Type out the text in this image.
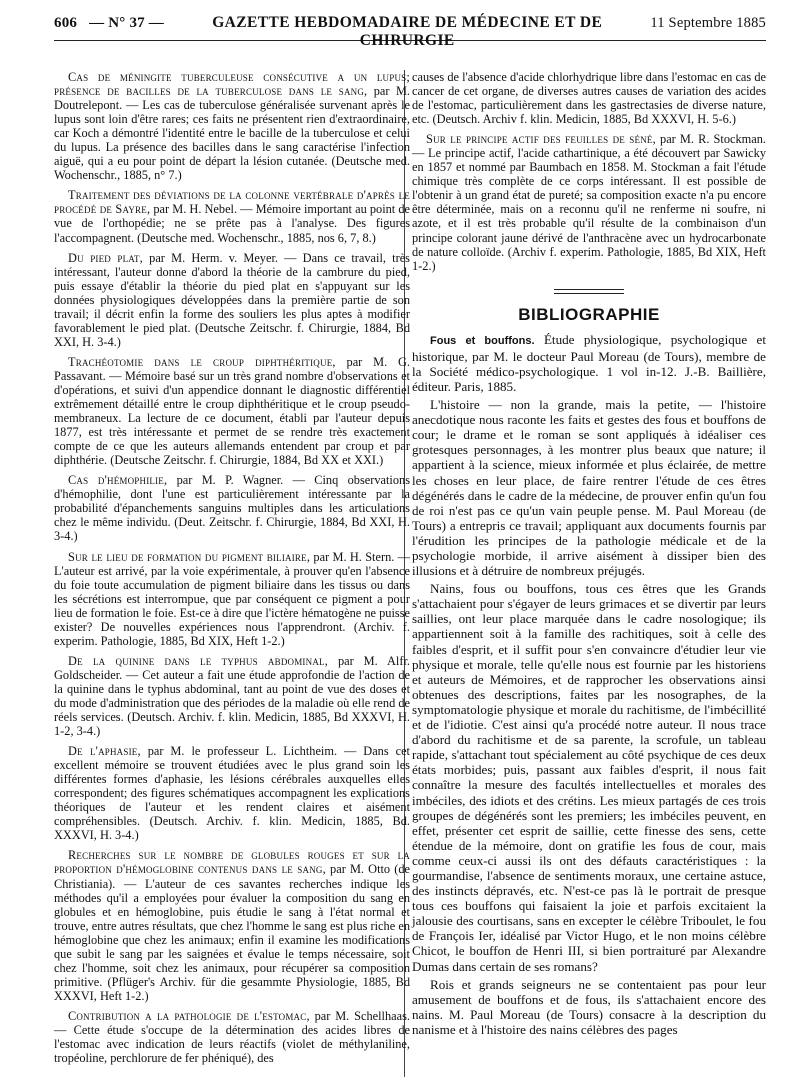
606 — N° 37 —	GAZETTE HEBDOMADAIRE DE MÉDECINE ET DE CHIRURGIE
11 Septembre 1885

Cas de méningite tuberculeuse consécutive a un lupus; présence de bacilles de la tuberculose dans le sang, par M. Doutrelepont. — Les cas de tuberculose généralisée survenant après le lupus sont loin d'être rares; ces faits ne présentent rien d'extraordinaire, car Koch a démontré l'identité entre le bacille de la tuberculose et celui du lupus. La présence des bacilles dans le sang caractérise l'infection aiguë, qui a eu pour point de départ la lésion cutanée. (Deutsche med. Wochenschr., 1885, n° 7.)

Traitement des déviations de la colonne vertébrale d'après le procédé de Sayre, par M. H. Nebel. — Mémoire important au point de vue de l'orthopédie; ne se prête pas à l'analyse. Des figures l'accompagnent. (Deutsche med. Wochenschr., 1885, nos 6, 7, 8.)

Du pied plat, par M. Herm. v. Meyer. — Dans ce travail, très intéressant, l'auteur donne d'abord la théorie de la cambrure du pied, puis essaye d'établir la théorie du pied plat en s'appuyant sur les données physiologiques développées dans la première partie de son travail; il décrit enfin la forme des souliers les plus aptes à modifier favorablement le pied plat. (Deutsche Zeitschr. f. Chirurgie, 1884, Bd XXI, H. 3-4.)

Trachéotomie dans le croup diphthéritique, par M. G. Passavant. — Mémoire basé sur un très grand nombre d'observations et d'opérations, et suivi d'un appendice donnant le diagnostic différentiel extrêmement détaillé entre le croup diphthéritique et le croup pseudo-membraneux. La lecture de ce document, établi par l'auteur depuis 1877, est très intéressante et permet de se rendre très exactement compte de ce que les auteurs allemands entendent par croup et par diphthérie. (Deutsche Zeitschr. f. Chirurgie, 1884, Bd XX et XXI.)

Cas d'hémophilie, par M. P. Wagner. — Cinq observations d'hémophilie, dont l'une est particulièrement intéressante par la probabilité d'épanchements sanguins multiples dans les articulations chez le même individu. (Deut. Zeitschr. f. Chirurgie, 1884, Bd XXI, H. 3-4.)

Sur le lieu de formation du pigment biliaire, par M. H. Stern. — L'auteur est arrivé, par la voie expérimentale, à prouver qu'en l'absence du foie toute accumulation de pigment biliaire dans les tissus ou dans les sécrétions est interrompue, que par conséquent ce pigment a pour lieu de formation le foie. Est-ce à dire que l'ictère hématogène ne puisse exister? De nouvelles expériences nous l'apprendront. (Archiv. f. experim. Pathologie, 1885, Bd XIX, Heft 1-2.)

De la quinine dans le typhus abdominal, par M. Alfr. Goldscheider. — Cet auteur a fait une étude approfondie de l'action de la quinine dans le typhus abdominal, tant au point de vue des doses et du mode d'administration que des périodes de la maladie où elle rend de réels services. (Deutsch. Archiv. f. klin. Medicin, 1885, Bd XXXVI, H. 1-2, 3-4.)

De l'aphasie, par M. le professeur L. Lichtheim. — Dans cet excellent mémoire se trouvent étudiées avec le plus grand soin les différentes formes d'aphasie, les lésions cérébrales auxquelles elles correspondent; des figures schématiques accompagnent les explications théoriques de l'auteur et les rendent claires et aisément compréhensibles. (Deutsch. Archiv. f. klin. Medicin, 1885, Bd. XXXVI, H. 3-4.)

Recherches sur le nombre de globules rouges et sur la proportion d'hémoglobine contenus dans le sang, par M. Otto (de Christiania). — L'auteur de ces savantes recherches indique les méthodes qu'il a employées pour évaluer la composition du sang en globules et en hémoglobine, puis étudie le sang à l'état normal et trouve, entre autres résultats, que chez l'homme le sang est plus riche en hémoglobine que chez les animaux; enfin il examine les modifications que subit le sang par les saignées et évalue le temps nécessaire, soit chez l'homme, soit chez les animaux, pour récupérer sa composition primitive. (Pflüger's Archiv. für die gesammte Physiologie, 1885, Bd XXXVI, Heft 1-2.)

Contribution a la pathologie de l'estomac, par M. Schellhaas. — Cette étude s'occupe de la détermination des acides libres de l'estomac avec indication de leurs réactifs (violet de méthylaniline, tropéoline, perchlorure de fer phéniqué), des

causes de l'absence d'acide chlorhydrique libre dans l'estomac en cas de cancer de cet organe, de diverses autres causes de variation des acides de l'estomac, particulièrement dans les gastrectasies de diverse nature, etc. (Deutsch. Archiv f. klin. Medicin, 1885, Bd XXXVI, H. 5-6.)

Sur le principe actif des feuilles de séné, par M. R. Stockman. — Le principe actif, l'acide cathartinique, a été découvert par Sawicky en 1857 et nommé par Baumbach en 1858. M. Stockman a fait l'étude chimique très complète de ce corps intéressant. Il est possible de l'obtenir à un grand état de pureté; sa composition exacte n'a pu encore être déterminée, mais on a reconnu qu'il ne renferme ni soufre, ni azote, et il est très probable qu'il résulte de la combinaison d'un principe colorant jaune dérivé de l'anthracène avec un hydrocarbonate de nature colloïde. (Archiv f. experim. Pathologie, 1885, Bd XIX, Heft 1-2.)

BIBLIOGRAPHIE

Fous et bouffons. Étude physiologique, psychologique et historique, par M. le docteur Paul Moreau (de Tours), membre de la Société médico-psychologique. 1 vol in-12. J.-B. Baillière, éditeur. Paris, 1885.

L'histoire — non la grande, mais la petite, — l'histoire anecdotique nous raconte les faits et gestes des fous et bouffons de cour; le drame et le roman se sont appliqués à idéaliser ces grotesques personnages, à les montrer plus beaux que nature; il appartient à la science, mieux informée et plus éclairée, de mettre les choses en leur place, de faire rentrer l'étude de ces êtres dégénérés dans le cadre de la médecine, de prouver enfin qu'un fou de roi n'est pas ce qu'un vain peuple pense. M. Paul Moreau (de Tours) a entrepris ce travail; appliquant aux documents fournis par l'érudition les principes de la pathologie médicale et de la psychologie morbide, il arrive aisément à dissiper bien des illusions et à détruire de nombreux préjugés.

Nains, fous ou bouffons, tous ces êtres que les Grands s'attachaient pour s'égayer de leurs grimaces et se divertir par leurs saillies, ont leur place marquée dans le cadre nosologique; ils appartiennent soit à la famille des rachitiques, soit à celle des faibles d'esprit, et il suffit pour s'en convaincre d'étudier leur vie physique et morale, telle qu'elle nous est fournie par les historiens et auteurs de Mémoires, et de rapprocher les observations ainsi obtenues des descriptions, faites par les nosographes, de la symptomatologie physique et morale du rachitisme, de l'imbécillité et de l'idiotie. C'est ainsi qu'a procédé notre auteur. Il nous trace d'abord du rachitisme et de sa parente, la scrofule, un tableau rapide, s'attachant tout spécialement au côté psychique de ces deux états morbides; puis, passant aux faibles d'esprit, il nous fait connaître la mesure des facultés intellectuelles et morales des imbéciles, des idiots et des crétins. Les mieux partagés de ces trois groupes de dégénérés sont les premiers; les imbéciles peuvent, en effet, présenter cet esprit de saillie, cette finesse des sens, cette étendue de la mémoire, dont on gratifie les fous de cour, mais comme ceux-ci aussi ils ont des défauts caractéristiques : la gourmandise, l'absence de sentiments moraux, une certaine astuce, des instincts dépravés, etc. N'est-ce pas là le portrait de presque tous ces bouffons qui faisaient la joie et parfois excitaient la jalousie des courtisans, sans en excepter le célèbre Triboulet, le fou de François Ier, idéalisé par Victor Hugo, et le non moins célèbre Chicot, le bouffon de Henri III, si bien portraituré par Alexandre Dumas dans certain de ses romans?

Rois et grands seigneurs ne se contentaient pas pour leur amusement de bouffons et de fous, ils s'attachaient encore des nains. M. Paul Moreau (de Tours) consacre à la description du nanisme et à l'histoire des nains célèbres des pages
